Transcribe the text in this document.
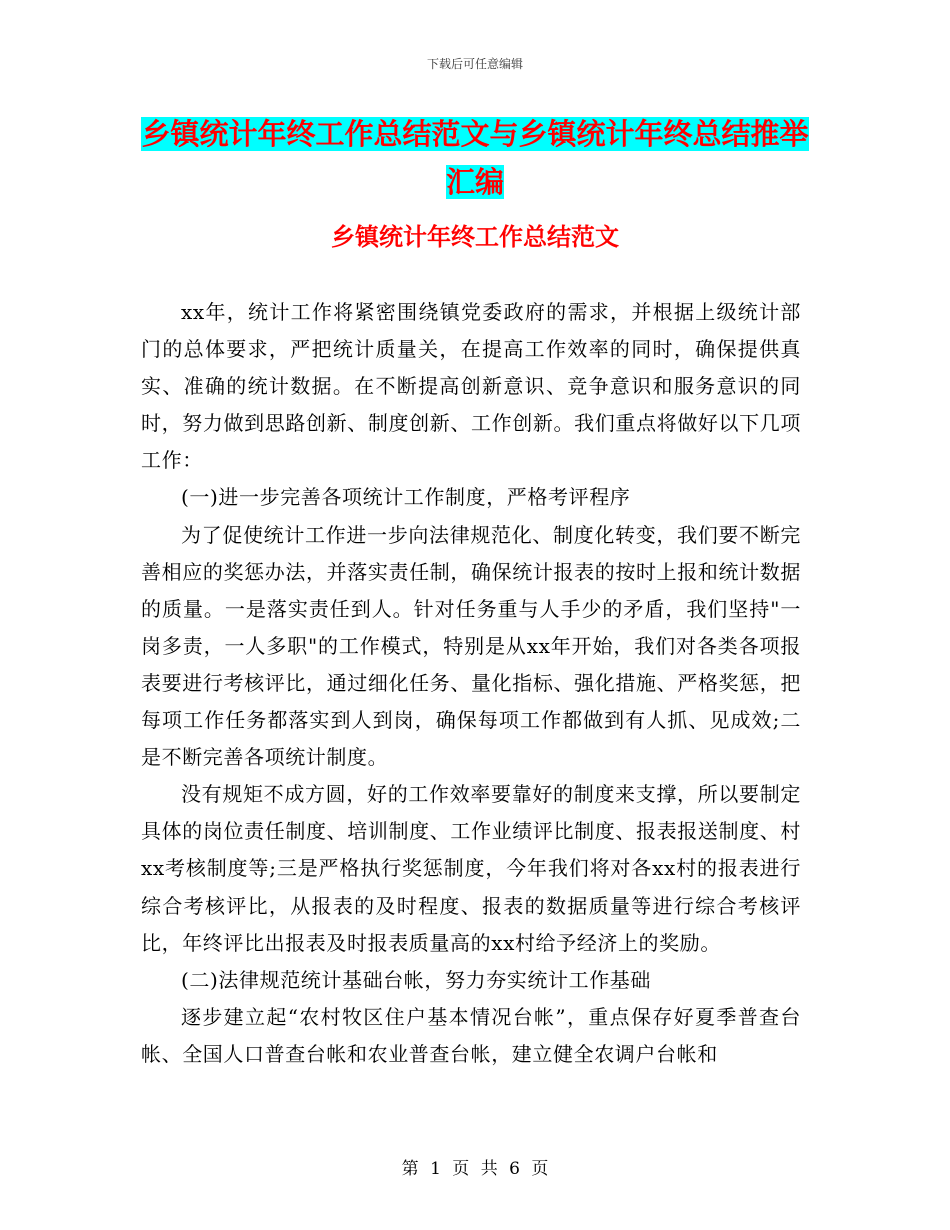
下载后可任意编辑
乡镇统计年终工作总结范文与乡镇统计年终总结推举
汇编
乡镇统计年终工作总结范文

xx年，统计工作将紧密围绕镇党委政府的需求，并根据上级统计部门的总体要求，严把统计质量关，在提高工作效率的同时，确保提供真实、准确的统计数据。在不断提高创新意识、竞争意识和服务意识的同时，努力做到思路创新、制度创新、工作创新。我们重点将做好以下几项工作：

(一)进一步完善各项统计工作制度，严格考评程序

为了促使统计工作进一步向法律规范化、制度化转变，我们要不断完善相应的奖惩办法，并落实责任制，确保统计报表的按时上报和统计数据的质量。一是落实责任到人。针对任务重与人手少的矛盾，我们坚持"一岗多责，一人多职"的工作模式，特别是从xx年开始，我们对各类各项报表要进行考核评比，通过细化任务、量化指标、强化措施、严格奖惩，把每项工作任务都落实到人到岗，确保每项工作都做到有人抓、见成效;二是不断完善各项统计制度。

没有规矩不成方圆，好的工作效率要靠好的制度来支撑，所以要制定具体的岗位责任制度、培训制度、工作业绩评比制度、报表报送制度、村xx考核制度等;三是严格执行奖惩制度，今年我们将对各xx村的报表进行综合考核评比，从报表的及时程度、报表的数据质量等进行综合考核评比，年终评比出报表及时报表质量高的xx村给予经济上的奖励。

(二)法律规范统计基础台帐，努力夯实统计工作基础

逐步建立起“农村牧区住户基本情况台帐”，重点保存好夏季普查台帐、全国人口普查台帐和农业普查台帐，建立健全农调户台帐和

第 1 页 共 6 页
